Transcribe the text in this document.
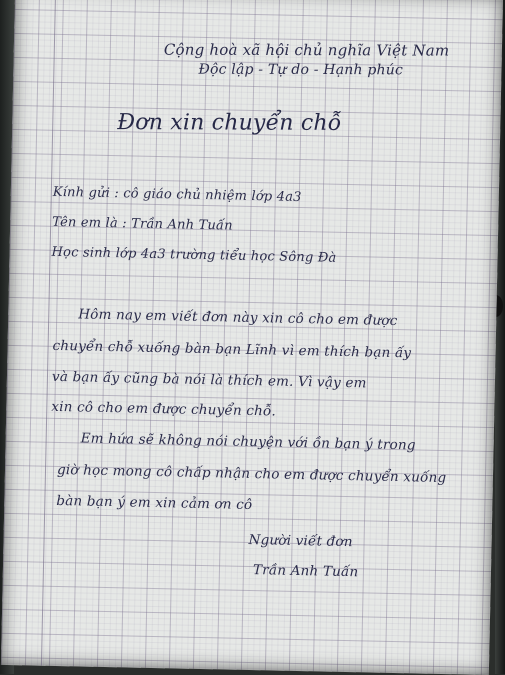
Cộng hoà xã hội chủ nghĩa Việt Nam
Độc lập - Tự do - Hạnh phúc
Đơn xin chuyển chỗ
Kính gửi : cô giáo chủ nhiệm lớp 4a3
Tên em là : Trần Anh Tuấn
Học sinh lớp 4a3 trường tiểu học Sông Đà
Hôm nay em viết đơn này xin cô cho em được
chuyển chỗ xuống bàn bạn Lĩnh vì em thích bạn ấy
và bạn ấy cũng bà nói là thích em. Vì vậy em
xin cô cho em được chuyển chỗ.
Em hứa sẽ không nói chuyện với ồn bạn ý trong
giờ học mong cô chấp nhận cho em được chuyển xuống
bàn bạn ý em xin cảm ơn cô
Người viết đơn
Trần Anh Tuấn
